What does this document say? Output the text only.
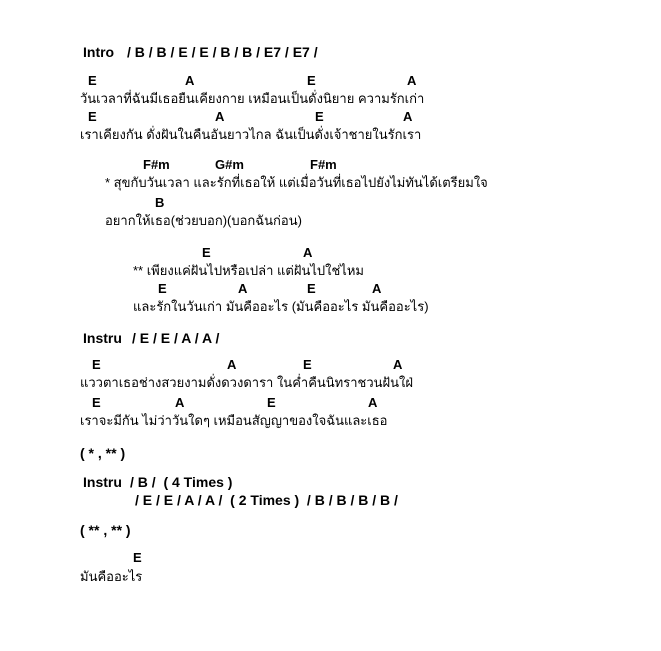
Intro / B / B / E / E / B / B / E7 / E7 /
E	A	E	A
วันเวลาที่ฉันมีเธอยืนเคียงกาย เหมือนเป็นดั่งนิยาย ความรักเก่า
E	A	E	A
เราเคียงกัน ดั่งฝันในคืนอันยาวไกล ฉันเป็นดั่งเจ้าชายในรักเรา
F#m	G#m	F#m
* สุขกับวันเวลา และรักที่เธอให้ แต่เมื่อวันที่เธอไปยังไม่ทันได้เตรียมใจ
B
อยากให้เธอ(ช่วยบอก)(บอกฉันก่อน)
E	A
** เพียงแค่ฝันไปหรือเปล่า แต่ฝันไปใช่ไหม
E	A	E	A
และรักในวันเก่า มันคืออะไร (มันคืออะไร มันคืออะไร)
Instru / E / E / A / A /
E	A	E	A
แววตาเธอช่างสวยงามดั่งดวงดารา ในค่ำคืนนิทราชวนฝันใฝ่
E	A	E	A
เราจะมีกัน ไม่ว่าวันใดๆ เหมือนสัญญาของใจฉันและเธอ
( * , ** )
Instru / B /  ( 4 Times )
/ E / E / A / A /  ( 2 Times )  / B / B / B / B /
( ** , ** )
E
มันคืออะไร
